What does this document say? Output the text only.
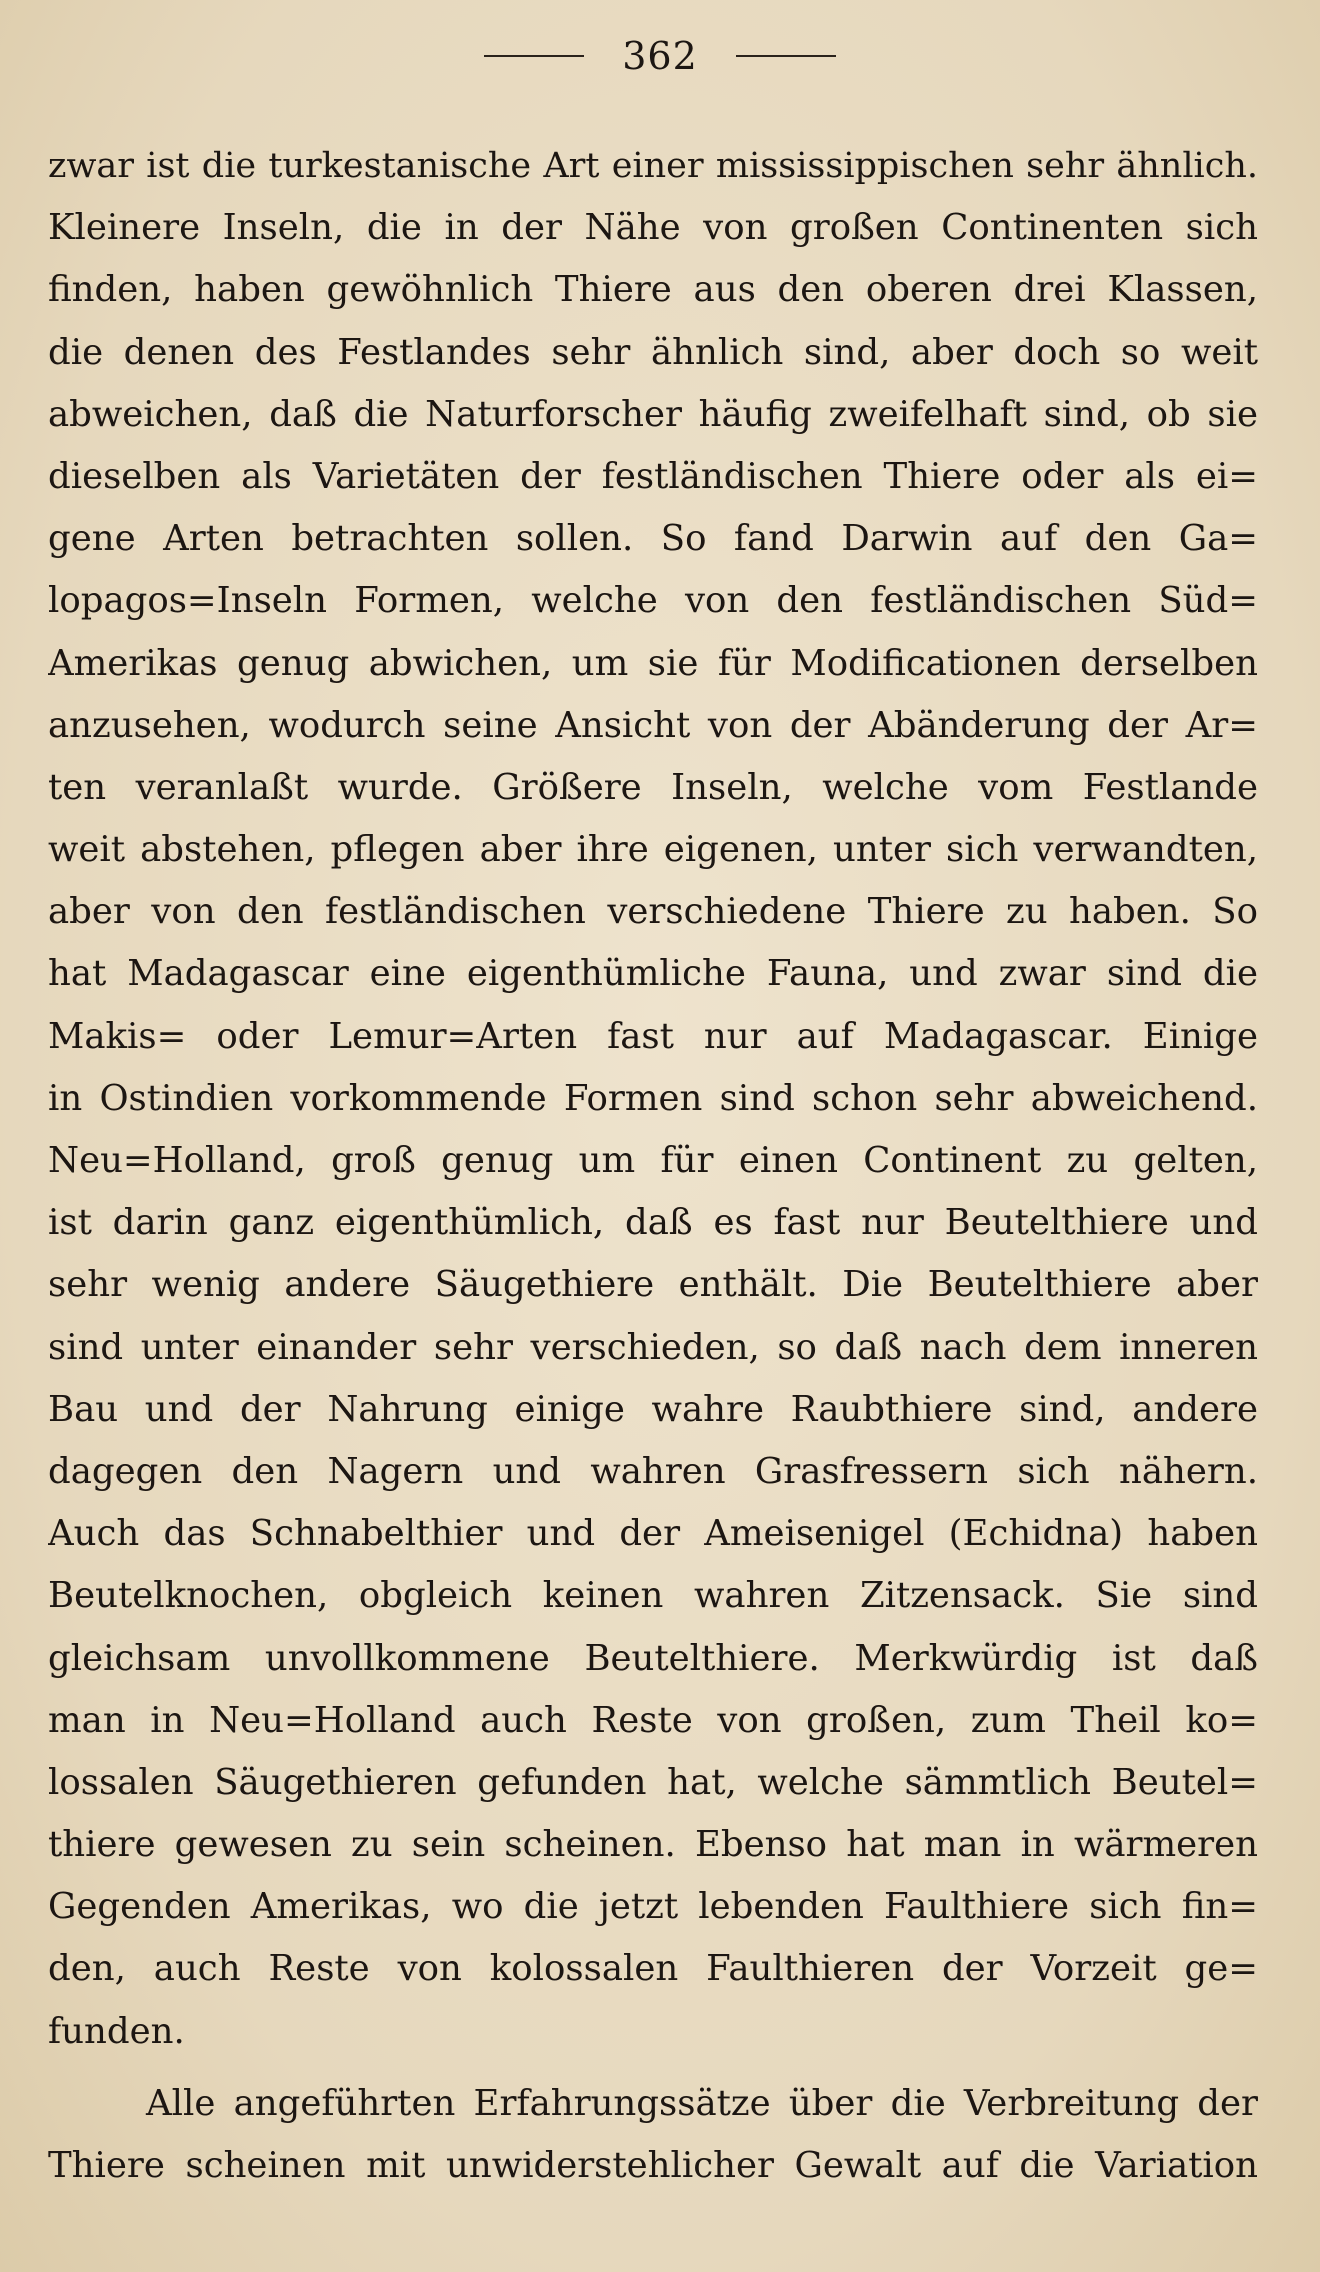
362
zwar ist die turkestanische Art einer mississippischen sehr ähnlich.
Kleinere Inseln, die in der Nähe von großen Continenten sich
finden, haben gewöhnlich Thiere aus den oberen drei Klassen,
die denen des Festlandes sehr ähnlich sind, aber doch so weit
abweichen, daß die Naturforscher häufig zweifelhaft sind, ob sie
dieselben als Varietäten der festländischen Thiere oder als ei=
gene Arten betrachten sollen. So fand Darwin auf den Ga=
lopagos=Inseln Formen, welche von den festländischen Süd=
Amerikas genug abwichen, um sie für Modificationen derselben
anzusehen, wodurch seine Ansicht von der Abänderung der Ar=
ten veranlaßt wurde. Größere Inseln, welche vom Festlande
weit abstehen, pflegen aber ihre eigenen, unter sich verwandten,
aber von den festländischen verschiedene Thiere zu haben. So
hat Madagascar eine eigenthümliche Fauna, und zwar sind die
Makis= oder Lemur=Arten fast nur auf Madagascar. Einige
in Ostindien vorkommende Formen sind schon sehr abweichend.
Neu=Holland, groß genug um für einen Continent zu gelten,
ist darin ganz eigenthümlich, daß es fast nur Beutelthiere und
sehr wenig andere Säugethiere enthält. Die Beutelthiere aber
sind unter einander sehr verschieden, so daß nach dem inneren
Bau und der Nahrung einige wahre Raubthiere sind, andere
dagegen den Nagern und wahren Grasfressern sich nähern.
Auch das Schnabelthier und der Ameisenigel (Echidna) haben
Beutelknochen, obgleich keinen wahren Zitzensack. Sie sind
gleichsam unvollkommene Beutelthiere. Merkwürdig ist daß
man in Neu=Holland auch Reste von großen, zum Theil ko=
lossalen Säugethieren gefunden hat, welche sämmtlich Beutel=
thiere gewesen zu sein scheinen. Ebenso hat man in wärmeren
Gegenden Amerikas, wo die jetzt lebenden Faulthiere sich fin=
den, auch Reste von kolossalen Faulthieren der Vorzeit ge=
funden.
Alle angeführten Erfahrungssätze über die Verbreitung der
Thiere scheinen mit unwiderstehlicher Gewalt auf die Variation
